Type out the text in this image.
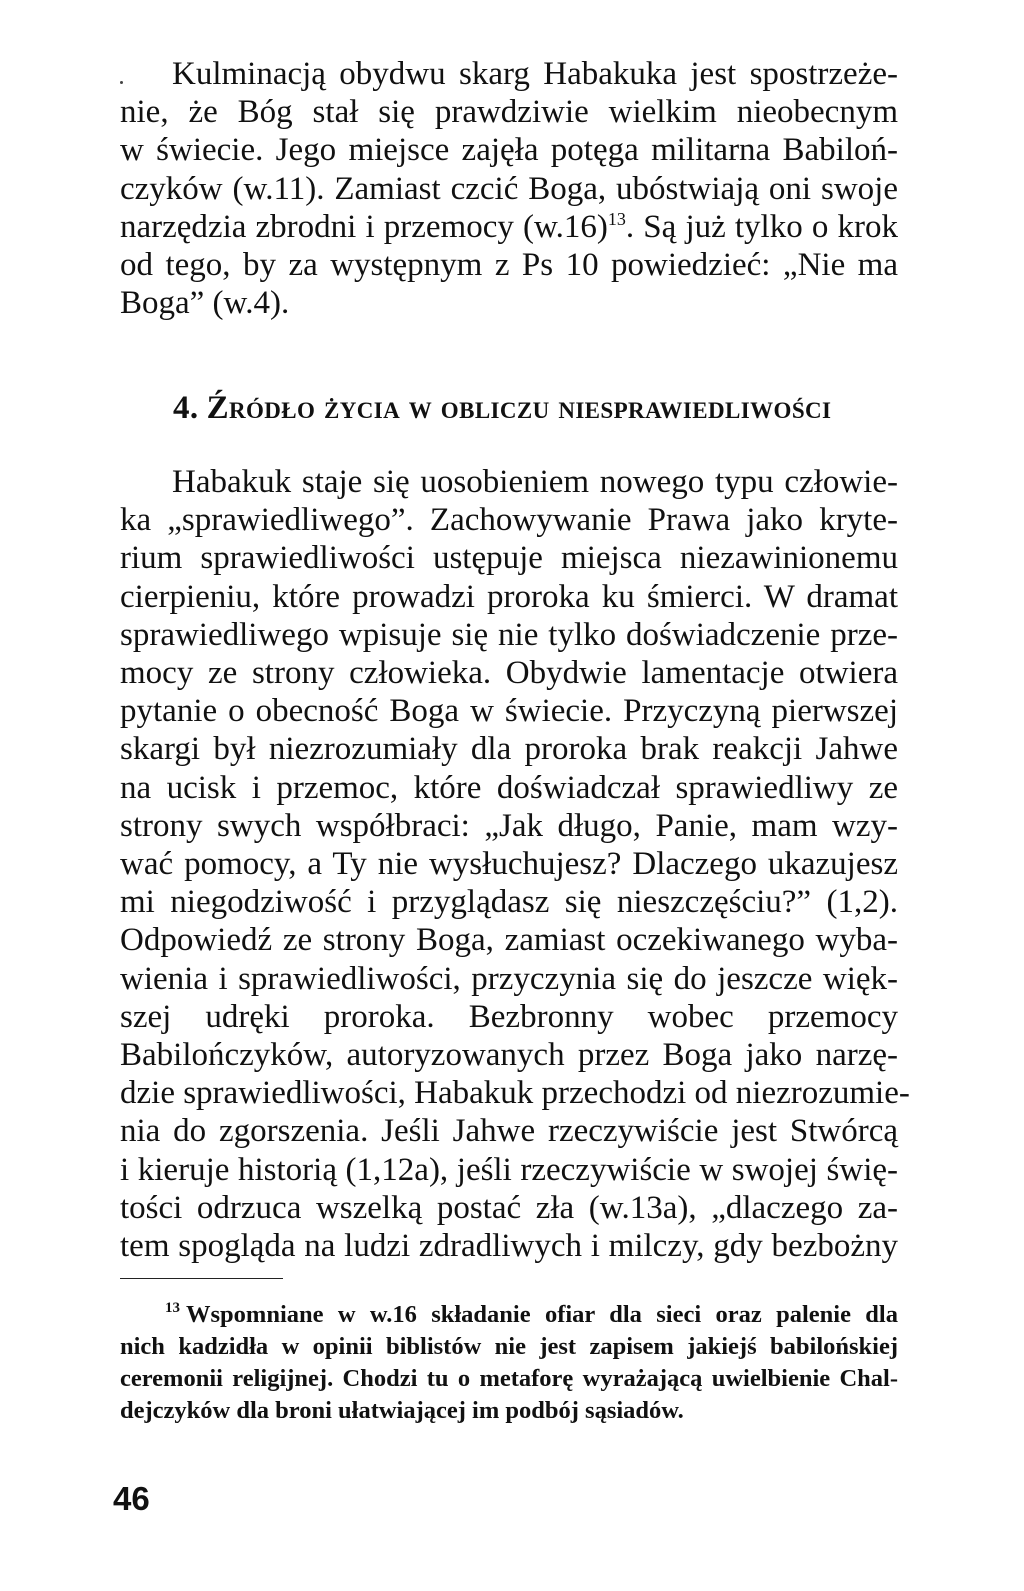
Kulminacją obydwu skarg Habakuka jest spostrzeże-
nie, że Bóg stał się prawdziwie wielkim nieobecnym
w świecie. Jego miejsce zajęła potęga militarna Babiloń-
czyków (w.11). Zamiast czcić Boga, ubóstwiają oni swoje
narzędzia zbrodni i przemocy (w.16)$^{13}$. Są już tylko o krok
od tego, by za występnym z Ps 10 powiedzieć: „Nie ma
Boga” (w.4).
4. Źródło życia w obliczu niesprawiedliwości
Habakuk staje się uosobieniem nowego typu człowie-
ka „sprawiedliwego”. Zachowywanie Prawa jako kryte-
rium sprawiedliwości ustępuje miejsca niezawinionemu
cierpieniu, które prowadzi proroka ku śmierci. W dramat
sprawiedliwego wpisuje się nie tylko doświadczenie prze-
mocy ze strony człowieka. Obydwie lamentacje otwiera
pytanie o obecność Boga w świecie. Przyczyną pierwszej
skargi był niezrozumiały dla proroka brak reakcji Jahwe
na ucisk i przemoc, które doświadczał sprawiedliwy ze
strony swych współbraci: „Jak długo, Panie, mam wzy-
wać pomocy, a Ty nie wysłuchujesz? Dlaczego ukazujesz
mi niegodziwość i przyglądasz się nieszczęściu?” (1,2).
Odpowiedź ze strony Boga, zamiast oczekiwanego wyba-
wienia i sprawiedliwości, przyczynia się do jeszcze więk-
szej udręki proroka. Bezbronny wobec przemocy
Babilończyków, autoryzowanych przez Boga jako narzę-
dzie sprawiedliwości, Habakuk przechodzi od niezrozumie-
nia do zgorszenia. Jeśli Jahwe rzeczywiście jest Stwórcą
i kieruje historią (1,12a), jeśli rzeczywiście w swojej świę-
tości odrzuca wszelką postać zła (w.13a), „dlaczego za-
tem spogląda na ludzi zdradliwych i milczy, gdy bezbożny
$^{13}$ Wspomniane w w.16 składanie ofiar dla sieci oraz palenie dla
nich kadzidła w opinii biblistów nie jest zapisem jakiejś babilońskiej
ceremonii religijnej. Chodzi tu o metaforę wyrażającą uwielbienie Chal-
dejczyków dla broni ułatwiającej im podbój sąsiadów.
46
